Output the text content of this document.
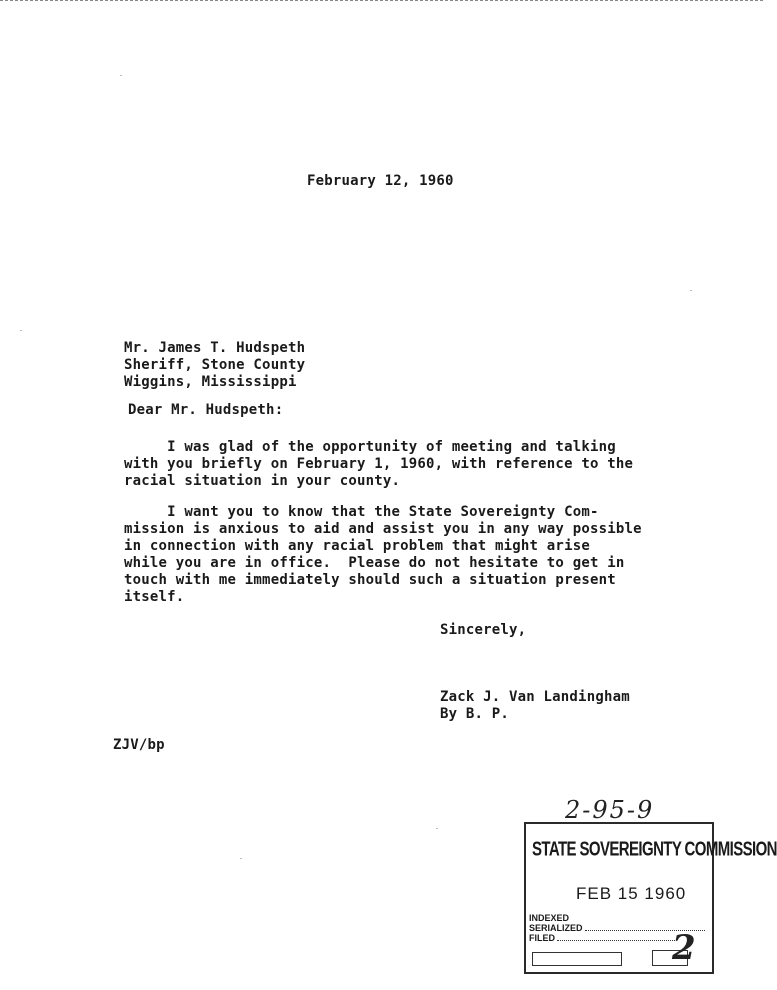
February 12, 1960
Mr. James T. Hudspeth
Sheriff, Stone County
Wiggins, Mississippi
Dear Mr. Hudspeth:
I was glad of the opportunity of meeting and talking
with you briefly on February 1, 1960, with reference to the
racial situation in your county.
I want you to know that the State Sovereignty Com-
mission is anxious to aid and assist you in any way possible
in connection with any racial problem that might arise
while you are in office.  Please do not hesitate to get in
touch with me immediately should such a situation present
itself.
Sincerely,
Zack J. Van Landingham
By B. P.
ZJV/bp
2-95-9
STATE SOVEREIGNTY COMMISSION
FEB 15 1960
INDEXED
SERIALIZED
FILED	2
